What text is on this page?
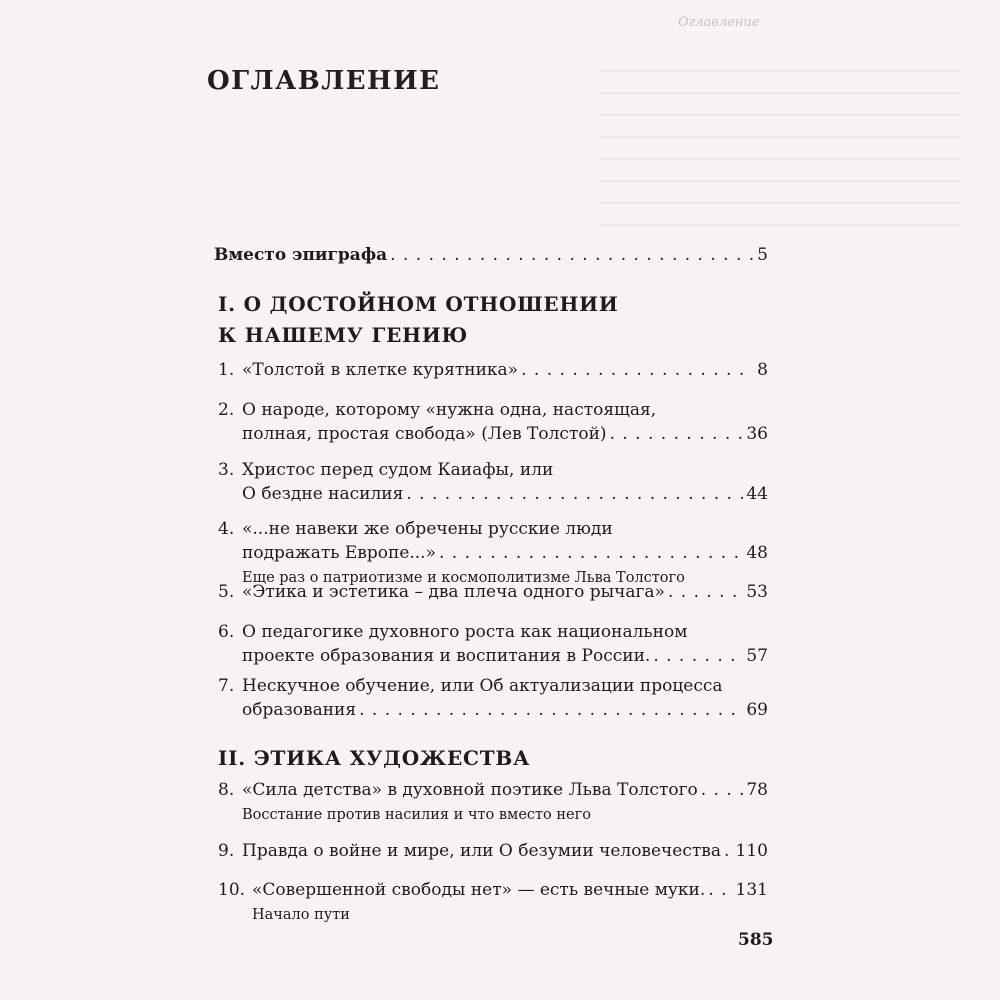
Оглавление
ОГЛАВЛЕНИЕ
Вместо эпиграфа . . .	5
I. О ДОСТОЙНОМ ОТНОШЕНИИ
К НАШЕМУ ГЕНИЮ
1. «Толстой в клетке курятника» . . .	8
2. О народе, которому «нужна одна, настоящая,
полная, простая свобода» (Лев Толстой) . . .	36
3. Христос перед судом Каиафы, или
О бездне насилия . . .	44
4. «...не навеки же обречены русские люди
подражать Европе...» . . .	48
Еще раз о патриотизме и космополитизме Льва Толстого
5. «Этика и эстетика – два плеча одного рычага» . . .	53
6. О педагогике духовного роста как национальном
проекте образования и воспитания в России. . . .	57
7. Нескучное обучение, или Об актуализации процесса
образования . . .	69
II. ЭТИКА ХУДОЖЕСТВА
8. «Сила детства» в духовной поэтике Льва Толстого . . .	78
Восстание против насилия и что вместо него
9. Правда о войне и мире, или О безумии человечества . . . 110
10. «Совершенной свободы нет» — есть вечные муки. . . . 131
Начало пути
585
